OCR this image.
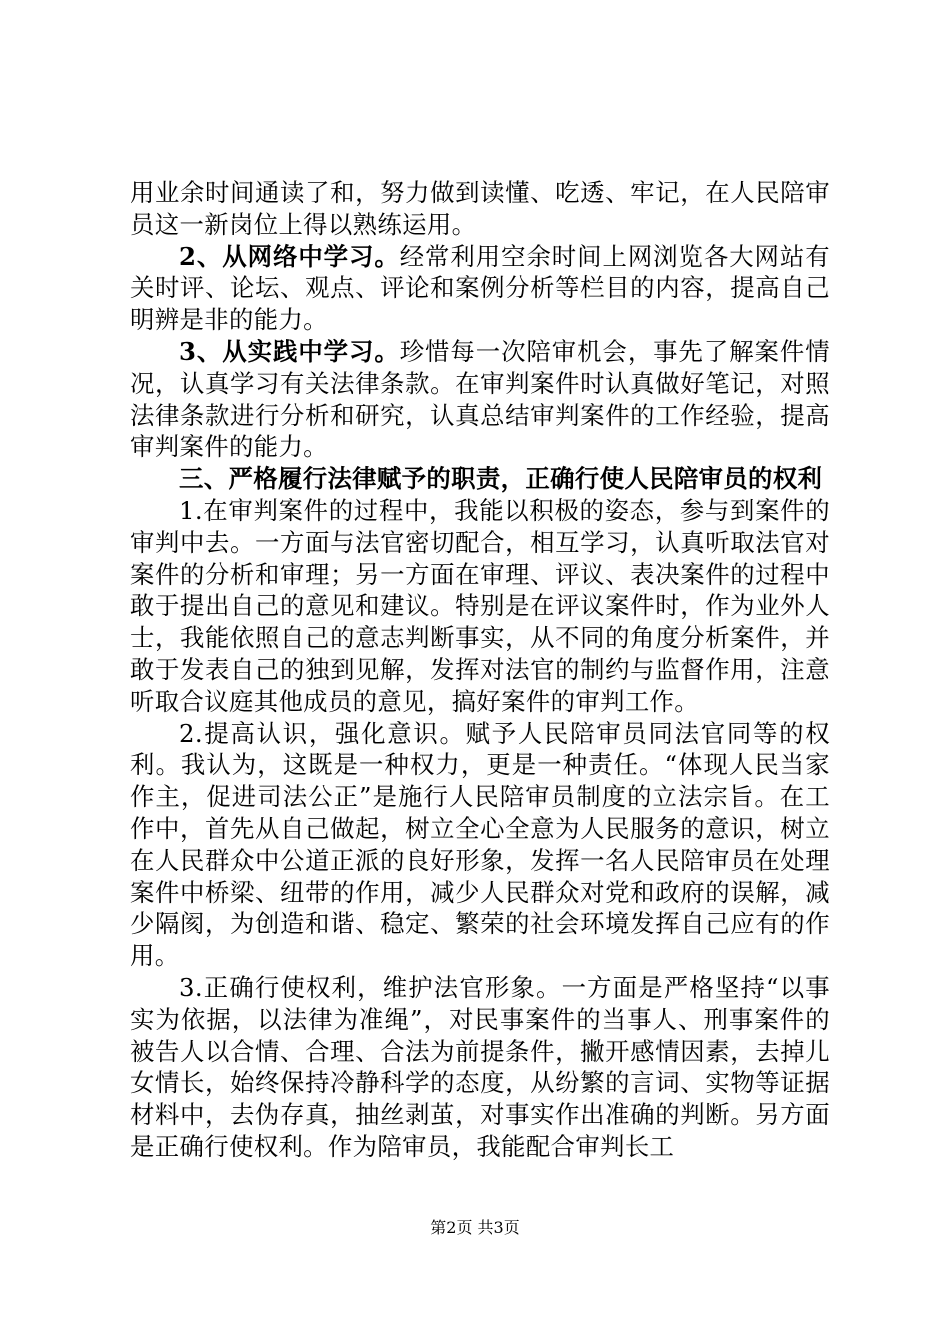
用业余时间通读了和，努力做到读懂、吃透、牢记，在人民陪审员这一新岗位上得以熟练运用。

2、从网络中学习。经常利用空余时间上网浏览各大网站有关时评、论坛、观点、评论和案例分析等栏目的内容，提高自己明辨是非的能力。

3、从实践中学习。珍惜每一次陪审机会，事先了解案件情况，认真学习有关法律条款。在审判案件时认真做好笔记，对照法律条款进行分析和研究，认真总结审判案件的工作经验，提高审判案件的能力。

三、严格履行法律赋予的职责，正确行使人民陪审员的权利

1.在审判案件的过程中，我能以积极的姿态，参与到案件的审判中去。一方面与法官密切配合，相互学习，认真听取法官对案件的分析和审理；另一方面在审理、评议、表决案件的过程中敢于提出自己的意见和建议。特别是在评议案件时，作为业外人士，我能依照自己的意志判断事实，从不同的角度分析案件，并敢于发表自己的独到见解，发挥对法官的制约与监督作用，注意听取合议庭其他成员的意见，搞好案件的审判工作。

2.提高认识，强化意识。赋予人民陪审员同法官同等的权利。我认为，这既是一种权力，更是一种责任。“体现人民当家作主，促进司法公正”是施行人民陪审员制度的立法宗旨。在工作中，首先从自己做起，树立全心全意为人民服务的意识，树立在人民群众中公道正派的良好形象，发挥一名人民陪审员在处理案件中桥梁、纽带的作用，减少人民群众对党和政府的误解，减少隔阂，为创造和谐、稳定、繁荣的社会环境发挥自己应有的作用。

3.正确行使权利，维护法官形象。一方面是严格坚持“以事实为依据，以法律为准绳”，对民事案件的当事人、刑事案件的被告人以合情、合理、合法为前提条件，撇开感情因素，去掉儿女情长，始终保持冷静科学的态度，从纷繁的言词、实物等证据材料中，去伪存真，抽丝剥茧，对事实作出准确的判断。另方面是正确行使权利。作为陪审员，我能配合审判长工

第2页 共3页
